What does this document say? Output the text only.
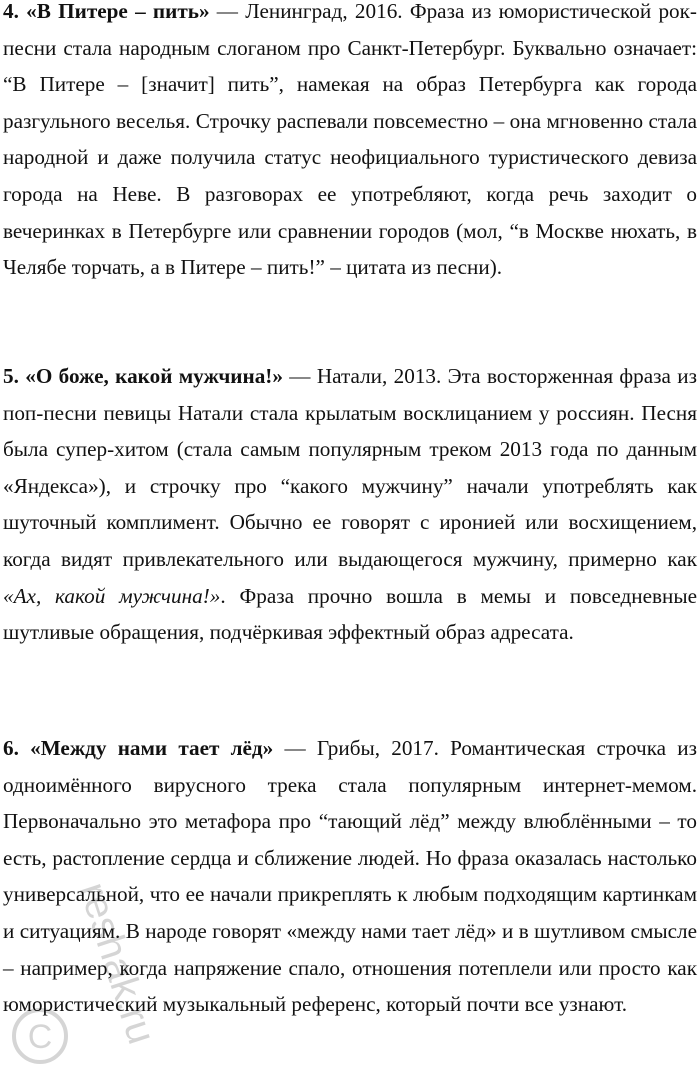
4. «В Питере – пить» — Ленинград, 2016. Фраза из юмористической рок-песни стала народным слоганом про Санкт-Петербург. Буквально означает: “В Питере – [значит] пить”, намекая на образ Петербурга как города разгульного веселья. Строчку распевали повсеместно – она мгновенно стала народной и даже получила статус неофициального туристического девиза города на Неве. В разговорах ее употребляют, когда речь заходит о вечеринках в Петербурге или сравнении городов (мол, “в Москве нюхать, в Челябе торчать, а в Питере – пить!” – цитата из песни).

5. «О боже, какой мужчина!» — Натали, 2013. Эта восторженная фраза из поп-песни певицы Натали стала крылатым восклицанием у россиян. Песня была супер-хитом (стала самым популярным треком 2013 года по данным «Яндекса»), и строчку про “какого мужчину” начали употреблять как шуточный комплимент. Обычно ее говорят с иронией или восхищением, когда видят привлекательного или выдающегося мужчину, примерно как «Ах, какой мужчина!». Фраза прочно вошла в мемы и повседневные шутливые обращения, подчёркивая эффектный образ адресата.

6. «Между нами тает лёд» — Грибы, 2017. Романтическая строчка из одноимённого вирусного трека стала популярным интернет-мемом. Первоначально это метафора про “тающий лёд” между влюблёнными – то есть, растопление сердца и сближение людей. Но фраза оказалась настолько универсальной, что ее начали прикреплять к любым подходящим картинкам и ситуациям. В народе говорят «между нами тает лёд» и в шутливом смысле – например, когда напряжение спало, отношения потеплели или просто как юмористический музыкальный референс, который почти все узнают.

C reshak.ru
